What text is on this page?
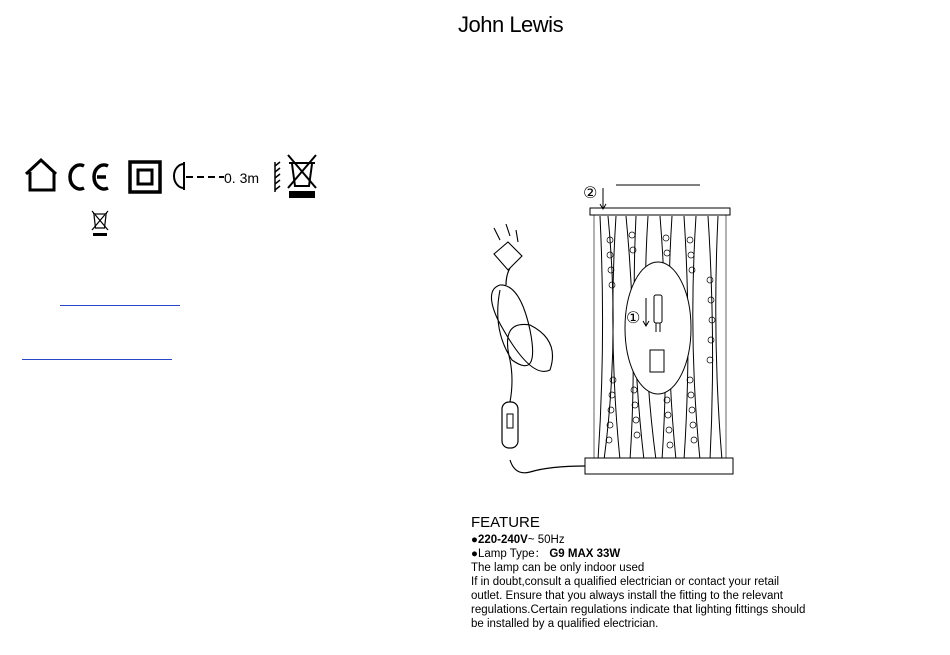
John Lewis
0. 3m
①
②
FEATURE
●220-240V~ 50Hz
●Lamp Type： G9 MAX 33W
The lamp can be only indoor used
If in doubt,consult a qualified electrician or contact your retail
outlet. Ensure that you always install the fitting to the relevant
regulations.Certain regulations indicate that lighting fittings should
be installed by a qualified electrician.
